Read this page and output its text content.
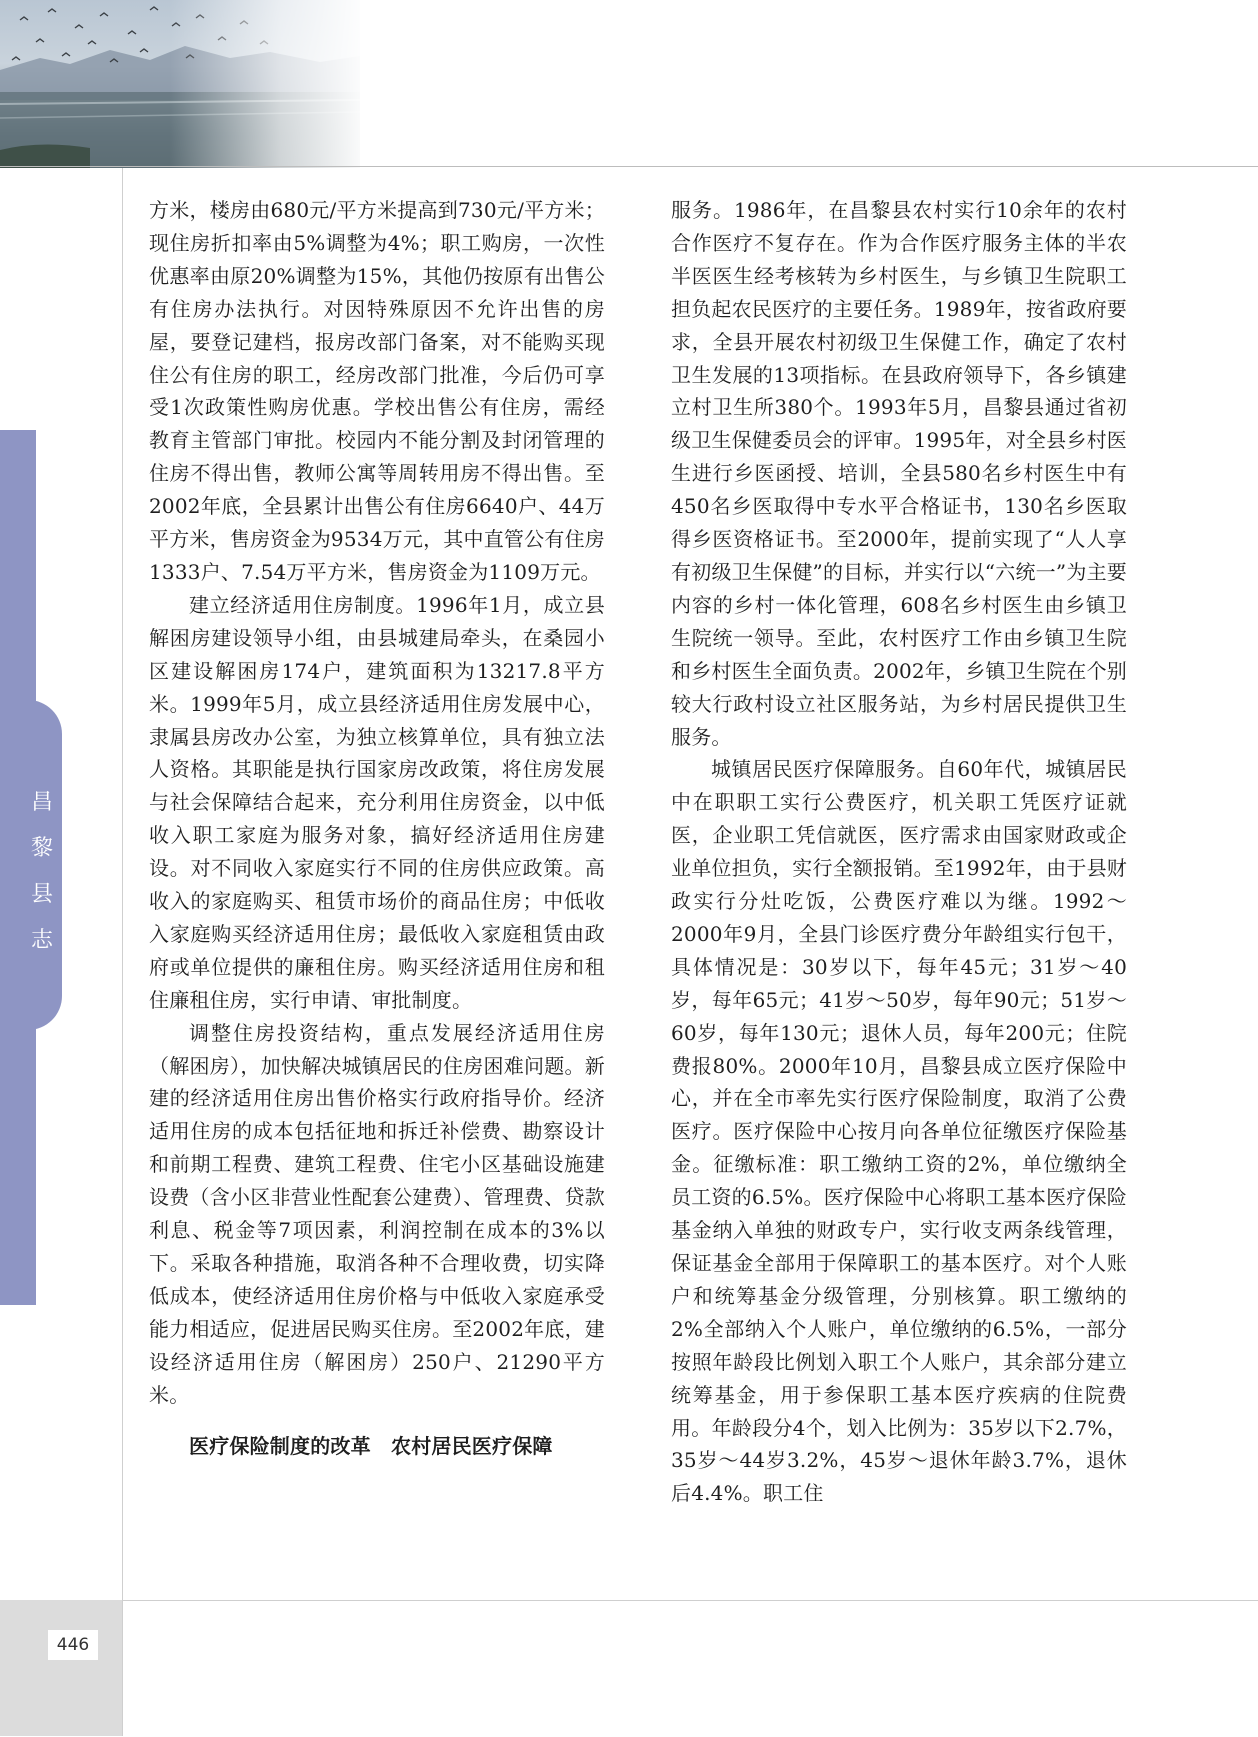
昌
黎
县
志

方米，楼房由680元/平方米提高到730元/平方米；现住房折扣率由5%调整为4%；职工购房，一次性优惠率由原20%调整为15%，其他仍按原有出售公有住房办法执行。对因特殊原因不允许出售的房屋，要登记建档，报房改部门备案，对不能购买现住公有住房的职工，经房改部门批准，今后仍可享受1次政策性购房优惠。学校出售公有住房，需经教育主管部门审批。校园内不能分割及封闭管理的住房不得出售，教师公寓等周转用房不得出售。至2002年底，全县累计出售公有住房6640户、44万平方米，售房资金为9534万元，其中直管公有住房1333户、7.54万平方米，售房资金为1109万元。

建立经济适用住房制度。1996年1月，成立县解困房建设领导小组，由县城建局牵头，在桑园小区建设解困房174户，建筑面积为13217.8平方米。1999年5月，成立县经济适用住房发展中心，隶属县房改办公室，为独立核算单位，具有独立法人资格。其职能是执行国家房改政策，将住房发展与社会保障结合起来，充分利用住房资金，以中低收入职工家庭为服务对象，搞好经济适用住房建设。对不同收入家庭实行不同的住房供应政策。高收入的家庭购买、租赁市场价的商品住房；中低收入家庭购买经济适用住房；最低收入家庭租赁由政府或单位提供的廉租住房。购买经济适用住房和租住廉租住房，实行申请、审批制度。

调整住房投资结构，重点发展经济适用住房（解困房），加快解决城镇居民的住房困难问题。新建的经济适用住房出售价格实行政府指导价。经济适用住房的成本包括征地和拆迁补偿费、勘察设计和前期工程费、建筑工程费、住宅小区基础设施建设费（含小区非营业性配套公建费）、管理费、贷款利息、税金等7项因素，利润控制在成本的3%以下。采取各种措施，取消各种不合理收费，切实降低成本，使经济适用住房价格与中低收入家庭承受能力相适应，促进居民购买住房。至2002年底，建设经济适用住房（解困房）250户、21290平方米。

医疗保险制度的改革　农村居民医疗保障

服务。1986年，在昌黎县农村实行10余年的农村合作医疗不复存在。作为合作医疗服务主体的半农半医医生经考核转为乡村医生，与乡镇卫生院职工担负起农民医疗的主要任务。1989年，按省政府要求，全县开展农村初级卫生保健工作，确定了农村卫生发展的13项指标。在县政府领导下，各乡镇建立村卫生所380个。1993年5月，昌黎县通过省初级卫生保健委员会的评审。1995年，对全县乡村医生进行乡医函授、培训，全县580名乡村医生中有450名乡医取得中专水平合格证书，130名乡医取得乡医资格证书。至2000年，提前实现了“人人享有初级卫生保健”的目标，并实行以“六统一”为主要内容的乡村一体化管理，608名乡村医生由乡镇卫生院统一领导。至此，农村医疗工作由乡镇卫生院和乡村医生全面负责。2002年，乡镇卫生院在个别较大行政村设立社区服务站，为乡村居民提供卫生服务。

城镇居民医疗保障服务。自60年代，城镇居民中在职职工实行公费医疗，机关职工凭医疗证就医，企业职工凭信就医，医疗需求由国家财政或企业单位担负，实行全额报销。至1992年，由于县财政实行分灶吃饭，公费医疗难以为继。1992～2000年9月，全县门诊医疗费分年龄组实行包干，具体情况是：30岁以下，每年45元；31岁～40岁，每年65元；41岁～50岁，每年90元；51岁～60岁，每年130元；退休人员，每年200元；住院费报80%。2000年10月，昌黎县成立医疗保险中心，并在全市率先实行医疗保险制度，取消了公费医疗。医疗保险中心按月向各单位征缴医疗保险基金。征缴标准：职工缴纳工资的2%，单位缴纳全员工资的6.5%。医疗保险中心将职工基本医疗保险基金纳入单独的财政专户，实行收支两条线管理，保证基金全部用于保障职工的基本医疗。对个人账户和统筹基金分级管理，分别核算。职工缴纳的2%全部纳入个人账户，单位缴纳的6.5%，一部分按照年龄段比例划入职工个人账户，其余部分建立统筹基金，用于参保职工基本医疗疾病的住院费用。年龄段分4个，划入比例为：35岁以下2.7%，35岁～44岁3.2%，45岁～退休年龄3.7%，退休后4.4%。职工住

446
